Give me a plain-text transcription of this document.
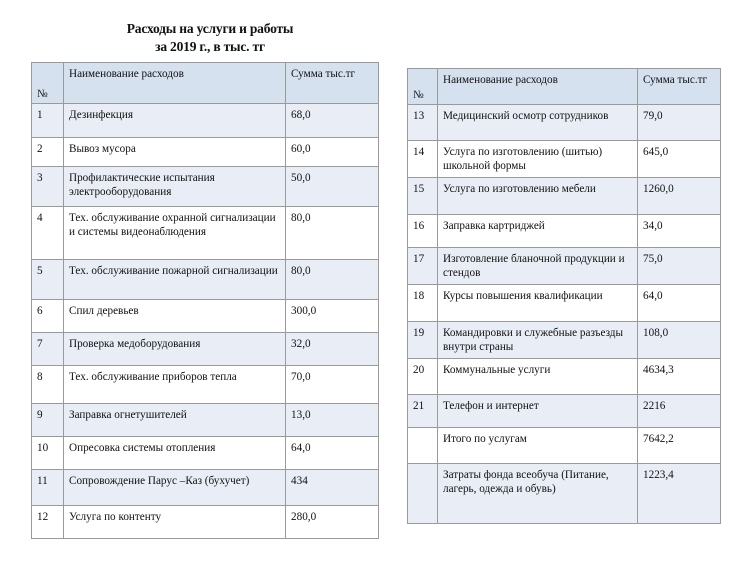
Расходы на услуги и работы
за 2019 г., в тыс. тг
№	Наименование расходов	Сумма тыс.тг
1	Дезинфекция	68,0
2	Вывоз мусора	60,0
3	Профилактические испытания электрооборудования	50,0
4	Тех. обслуживание охранной сигнализации и системы видеонаблюдения	80,0
5	Тех. обслуживание пожарной сигнализации	80,0
6	Спил деревьев	300,0
7	Проверка медоборудования	32,0
8	Тех. обслуживание приборов тепла	70,0
9	Заправка огнетушителей	13,0
10	Опресовка системы отопления	64,0
11	Сопровождение Парус –Каз (бухучет)	434
12	Услуга по контенту	280,0
№	Наименование расходов	Сумма тыс.тг
13	Медицинский осмотр сотрудников	79,0
14	Услуга по изготовлению (шитью) школьной формы	645,0
15	Услуга по изготовлению мебели	1260,0
16	Заправка картриджей	34,0
17	Изготовление бланочной продукции и стендов	75,0
18	Курсы повышения квалификации	64,0
19	Командировки и служебные разъезды внутри страны	108,0
20	Коммунальные услуги	4634,3
21	Телефон и интернет	2216
	Итого по услугам	7642,2
	Затраты фонда всеобуча (Питание, лагерь, одежда и обувь)	1223,4
